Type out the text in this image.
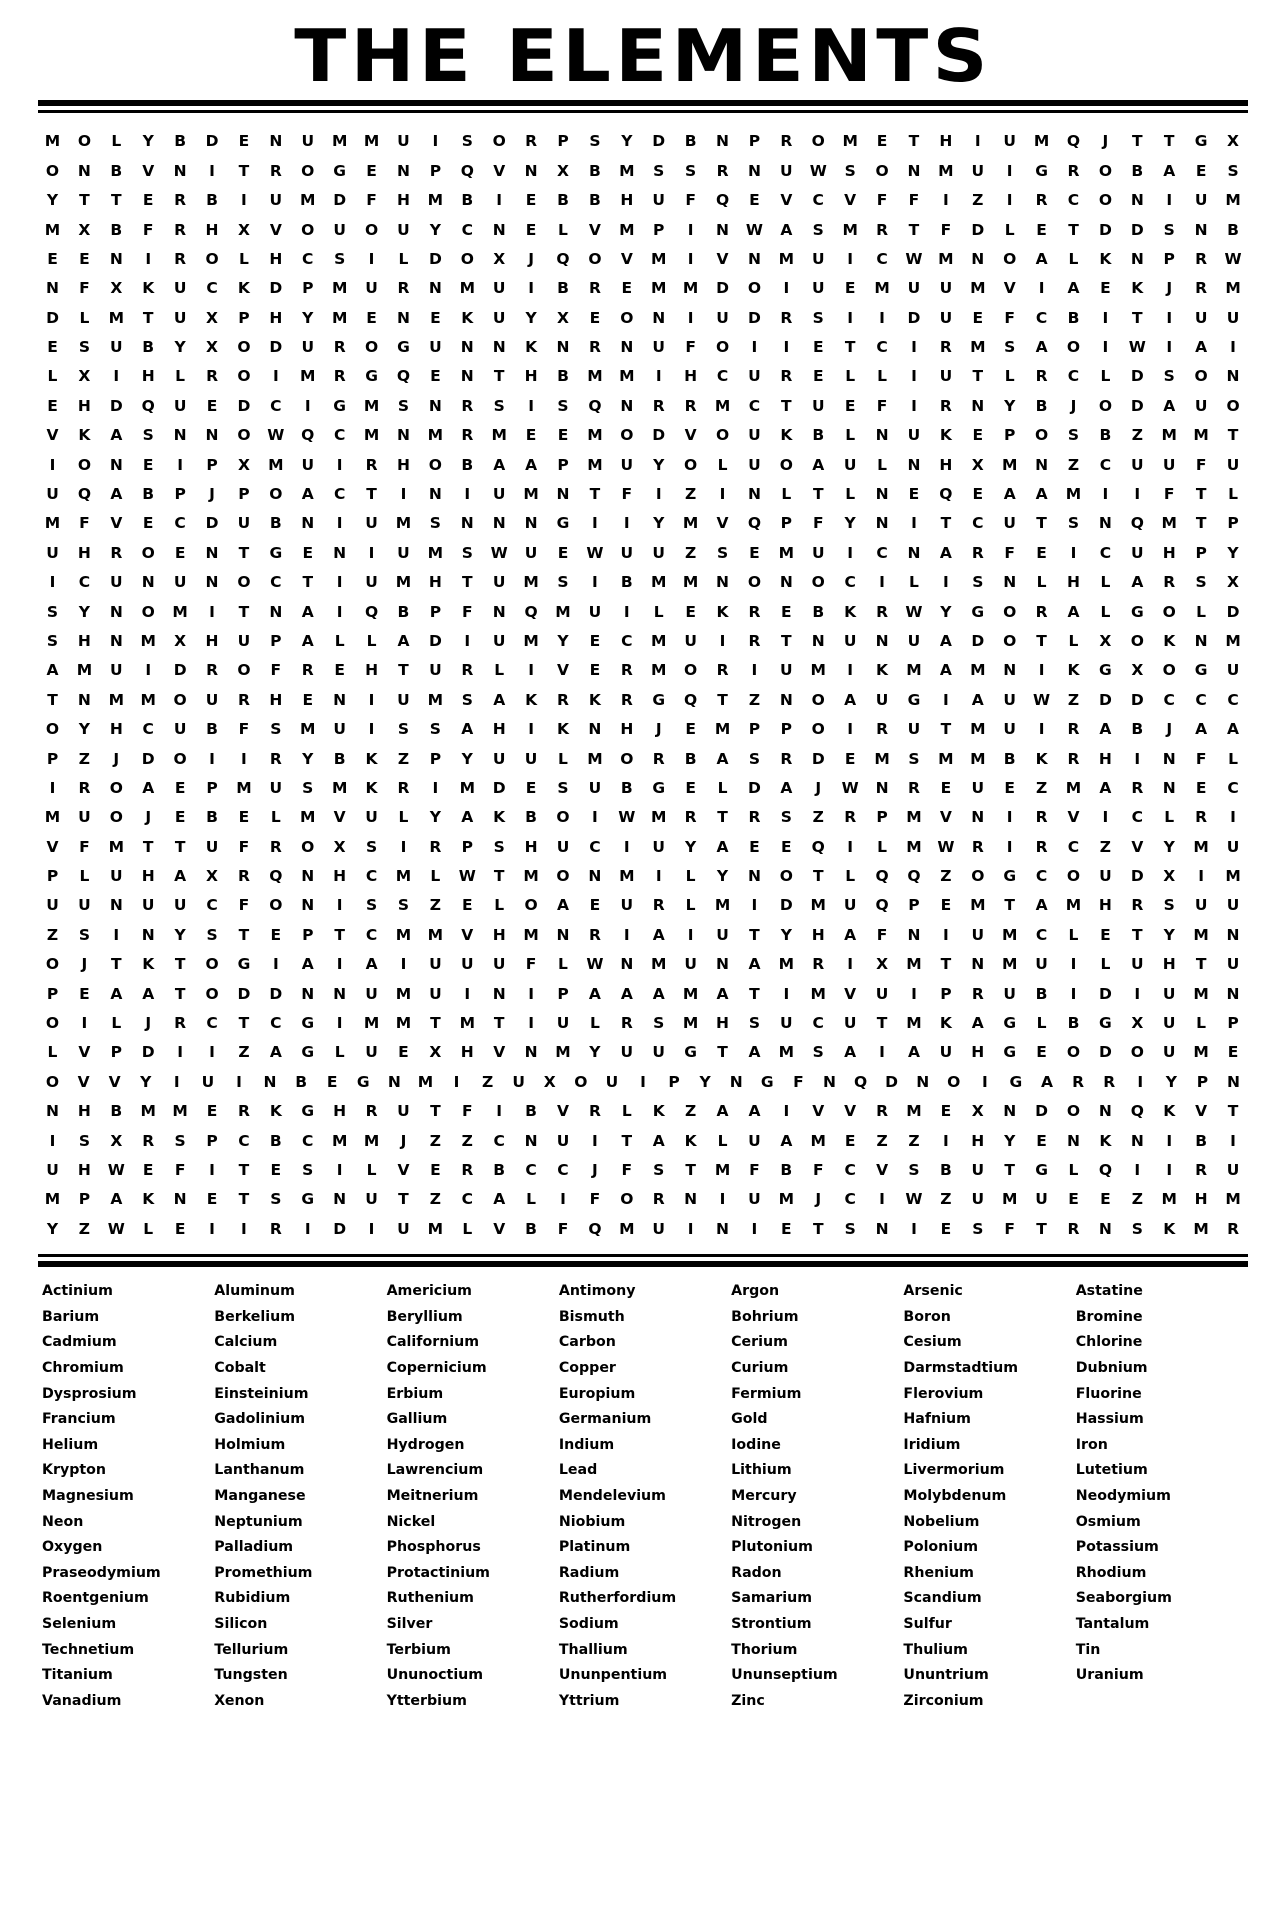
THE ELEMENTS
M	O	L	Y	B	D	E	N	U	M	M	U	I	S	O	R	P	S	Y	D	B	N	P	R	O	M	E	T	H	I	U	M	Q	J	T	T	G	X
O	N	B	V	N	I	T	R	O	G	E	N	P	Q	V	N	X	B	M	S	S	R	N	U	W	S	O	N	M	U	I	G	R	O	B	A	E	S
Y	T	T	E	R	B	I	U	M	D	F	H	M	B	I	E	B	B	H	U	F	Q	E	V	C	V	F	F	I	Z	I	R	C	O	N	I	U	M
M	X	B	F	R	H	X	V	O	U	O	U	Y	C	N	E	L	V	M	P	I	N	W	A	S	M	R	T	F	D	L	E	T	D	D	S	N	B
E	E	N	I	R	O	L	H	C	S	I	L	D	O	X	J	Q	O	V	M	I	V	N	M	U	I	C	W	M	N	O	A	L	K	N	P	R	W
N	F	X	K	U	C	K	D	P	M	U	R	N	M	U	I	B	R	E	M	M	D	O	I	U	E	M	U	U	M	V	I	A	E	K	J	R	M
D	L	M	T	U	X	P	H	Y	M	E	N	E	K	U	Y	X	E	O	N	I	U	D	R	S	I	I	D	U	E	F	C	B	I	T	I	U	U
E	S	U	B	Y	X	O	D	U	R	O	G	U	N	N	K	N	R	N	U	F	O	I	I	E	T	C	I	R	M	S	A	O	I	W	I	A	I
L	X	I	H	L	R	O	I	M	R	G	Q	E	N	T	H	B	M	M	I	H	C	U	R	E	L	L	I	U	T	L	R	C	L	D	S	O	N
E	H	D	Q	U	E	D	C	I	G	M	S	N	R	S	I	S	Q	N	R	R	M	C	T	U	E	F	I	R	N	Y	B	J	O	D	A	U	O
V	K	A	S	N	N	O	W	Q	C	M	N	M	R	M	E	E	M	O	D	V	O	U	K	B	L	N	U	K	E	P	O	S	B	Z	M	M	T
I	O	N	E	I	P	X	M	U	I	R	H	O	B	A	A	P	M	U	Y	O	L	U	O	A	U	L	N	H	X	M	N	Z	C	U	U	F	U
U	Q	A	B	P	J	P	O	A	C	T	I	N	I	U	M	N	T	F	I	Z	I	N	L	T	L	N	E	Q	E	A	A	M	I	I	F	T	L
M	F	V	E	C	D	U	B	N	I	U	M	S	N	N	N	G	I	I	Y	M	V	Q	P	F	Y	N	I	T	C	U	T	S	N	Q	M	T	P
U	H	R	O	E	N	T	G	E	N	I	U	M	S	W	U	E	W	U	U	Z	S	E	M	U	I	C	N	A	R	F	E	I	C	U	H	P	Y
I	C	U	N	U	N	O	C	T	I	U	M	H	T	U	M	S	I	B	M	M	N	O	N	O	C	I	L	I	S	N	L	H	L	A	R	S	X
S	Y	N	O	M	I	T	N	A	I	Q	B	P	F	N	Q	M	U	I	L	E	K	R	E	B	K	R	W	Y	G	O	R	A	L	G	O	L	D
S	H	N	M	X	H	U	P	A	L	L	A	D	I	U	M	Y	E	C	M	U	I	R	T	N	U	N	U	A	D	O	T	L	X	O	K	N	M
A	M	U	I	D	R	O	F	R	E	H	T	U	R	L	I	V	E	R	M	O	R	I	U	M	I	K	M	A	M	N	I	K	G	X	O	G	U
T	N	M	M	O	U	R	H	E	N	I	U	M	S	A	K	R	K	R	G	Q	T	Z	N	O	A	U	G	I	A	U	W	Z	D	D	C	C	C
O	Y	H	C	U	B	F	S	M	U	I	S	S	A	H	I	K	N	H	J	E	M	P	P	O	I	R	U	T	M	U	I	R	A	B	J	A	A
P	Z	J	D	O	I	I	R	Y	B	K	Z	P	Y	U	U	L	M	O	R	B	A	S	R	D	E	M	S	M	M	B	K	R	H	I	N	F	L
I	R	O	A	E	P	M	U	S	M	K	R	I	M	D	E	S	U	B	G	E	L	D	A	J	W	N	R	E	U	E	Z	M	A	R	N	E	C
M	U	O	J	E	B	E	L	M	V	U	L	Y	A	K	B	O	I	W	M	R	T	R	S	Z	R	P	M	V	N	I	R	V	I	C	L	R	I
V	F	M	T	T	U	F	R	O	X	S	I	R	P	S	H	U	C	I	U	Y	A	E	E	Q	I	L	M	W	R	I	R	C	Z	V	Y	M	U
P	L	U	H	A	X	R	Q	N	H	C	M	L	W	T	M	O	N	M	I	L	Y	N	O	T	L	Q	Q	Z	O	G	C	O	U	D	X	I	M
U	U	N	U	U	C	F	O	N	I	S	S	Z	E	L	O	A	E	U	R	L	M	I	D	M	U	Q	P	E	M	T	A	M	H	R	S	U	U
Z	S	I	N	Y	S	T	E	P	T	C	M	M	V	H	M	N	R	I	A	I	U	T	Y	H	A	F	N	I	U	M	C	L	E	T	Y	M	N
O	J	T	K	T	O	G	I	A	I	A	I	U	U	U	F	L	W	N	M	U	N	A	M	R	I	X	M	T	N	M	U	I	L	U	H	T	U
P	E	A	A	T	O	D	D	N	N	U	M	U	I	N	I	P	A	A	A	M	A	T	I	M	V	U	I	P	R	U	B	I	D	I	U	M	N
O	I	L	J	R	C	T	C	G	I	M	M	T	M	T	I	U	L	R	S	M	H	S	U	C	U	T	M	K	A	G	L	B	G	X	U	L	P
L	V	P	D	I	I	Z	A	G	L	U	E	X	H	V	N	M	Y	U	U	G	T	A	M	S	A	I	A	U	H	G	E	O	D	O	U	M	E
O	V	V	Y	I	U	I	N	B	E	G	N	M	I	Z	U	X	O	U	I	P	Y	N	G	F	N	Q	D	N	O	I	G	A	R	R	I	Y	P	N
N	H	B	M	M	E	R	K	G	H	R	U	T	F	I	B	V	R	L	K	Z	A	A	I	V	V	R	M	E	X	N	D	O	N	Q	K	V	T
I	S	X	R	S	P	C	B	C	M	M	J	Z	Z	C	N	U	I	T	A	K	L	U	A	M	E	Z	Z	I	H	Y	E	N	K	N	I	B	I
U	H	W	E	F	I	T	E	S	I	L	V	E	R	B	C	C	J	F	S	T	M	F	B	F	C	V	S	B	U	T	G	L	Q	I	I	R	U
M	P	A	K	N	E	T	S	G	N	U	T	Z	C	A	L	I	F	O	R	N	I	U	M	J	C	I	W	Z	U	M	U	E	E	Z	M	H	M
Y	Z	W	L	E	I	I	R	I	D	I	U	M	L	V	B	F	Q	M	U	I	N	I	E	T	S	N	I	E	S	F	T	R	N	S	K	M	R
Actinium	Aluminum	Americium	Antimony	Argon	Arsenic	Astatine
Barium	Berkelium	Beryllium	Bismuth	Bohrium	Boron	Bromine
Cadmium	Calcium	Californium	Carbon	Cerium	Cesium	Chlorine
Chromium	Cobalt	Copernicium	Copper	Curium	Darmstadtium	Dubnium
Dysprosium	Einsteinium	Erbium	Europium	Fermium	Flerovium	Fluorine
Francium	Gadolinium	Gallium	Germanium	Gold	Hafnium	Hassium
Helium	Holmium	Hydrogen	Indium	Iodine	Iridium	Iron
Krypton	Lanthanum	Lawrencium	Lead	Lithium	Livermorium	Lutetium
Magnesium	Manganese	Meitnerium	Mendelevium	Mercury	Molybdenum	Neodymium
Neon	Neptunium	Nickel	Niobium	Nitrogen	Nobelium	Osmium
Oxygen	Palladium	Phosphorus	Platinum	Plutonium	Polonium	Potassium
Praseodymium	Promethium	Protactinium	Radium	Radon	Rhenium	Rhodium
Roentgenium	Rubidium	Ruthenium	Rutherfordium	Samarium	Scandium	Seaborgium
Selenium	Silicon	Silver	Sodium	Strontium	Sulfur	Tantalum
Technetium	Tellurium	Terbium	Thallium	Thorium	Thulium	Tin
Titanium	Tungsten	Ununoctium	Ununpentium	Ununseptium	Ununtrium	Uranium
Vanadium	Xenon	Ytterbium	Yttrium	Zinc	Zirconium
